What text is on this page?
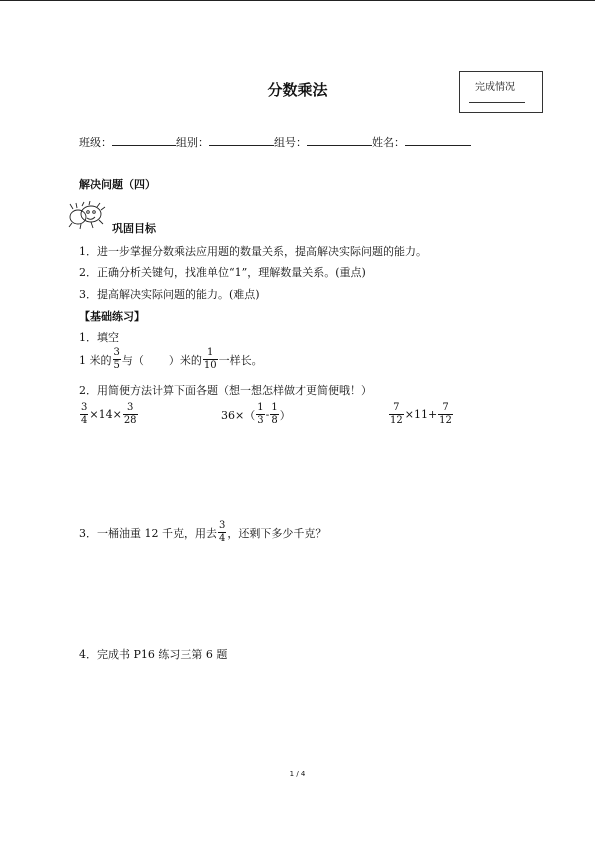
分数乘法	完成情况
班级：	组别：	组号：	姓名：
解决问题（四）
巩固目标
1．进一步掌握分数乘法应用题的数量关系，提高解决实际问题的能力。
2．正确分析关键句，找准单位“1”，理解数量关系。(重点)
3．提高解决实际问题的能力。(难点)
【基础练习】
1．填空
1 米的 $\frac{3}{5}$ 与（ ）米的 $\frac{1}{10}$ 一样长。
2．用简便方法计算下面各题（想一想怎样做才更简便哦！）
$\frac{3}{4} \times 14\times \frac{3}{28}$	$36\times( \frac{1}{3} - \frac{1}{8}$ ）	$\frac{7}{12} \times 11+ \frac{7}{12}$
3．一桶油重 12 千克，用去 $\frac{3}{4}$ ，还剩下多少千克？
4．完成书 P16 练习三第 6 题
1 / 4
